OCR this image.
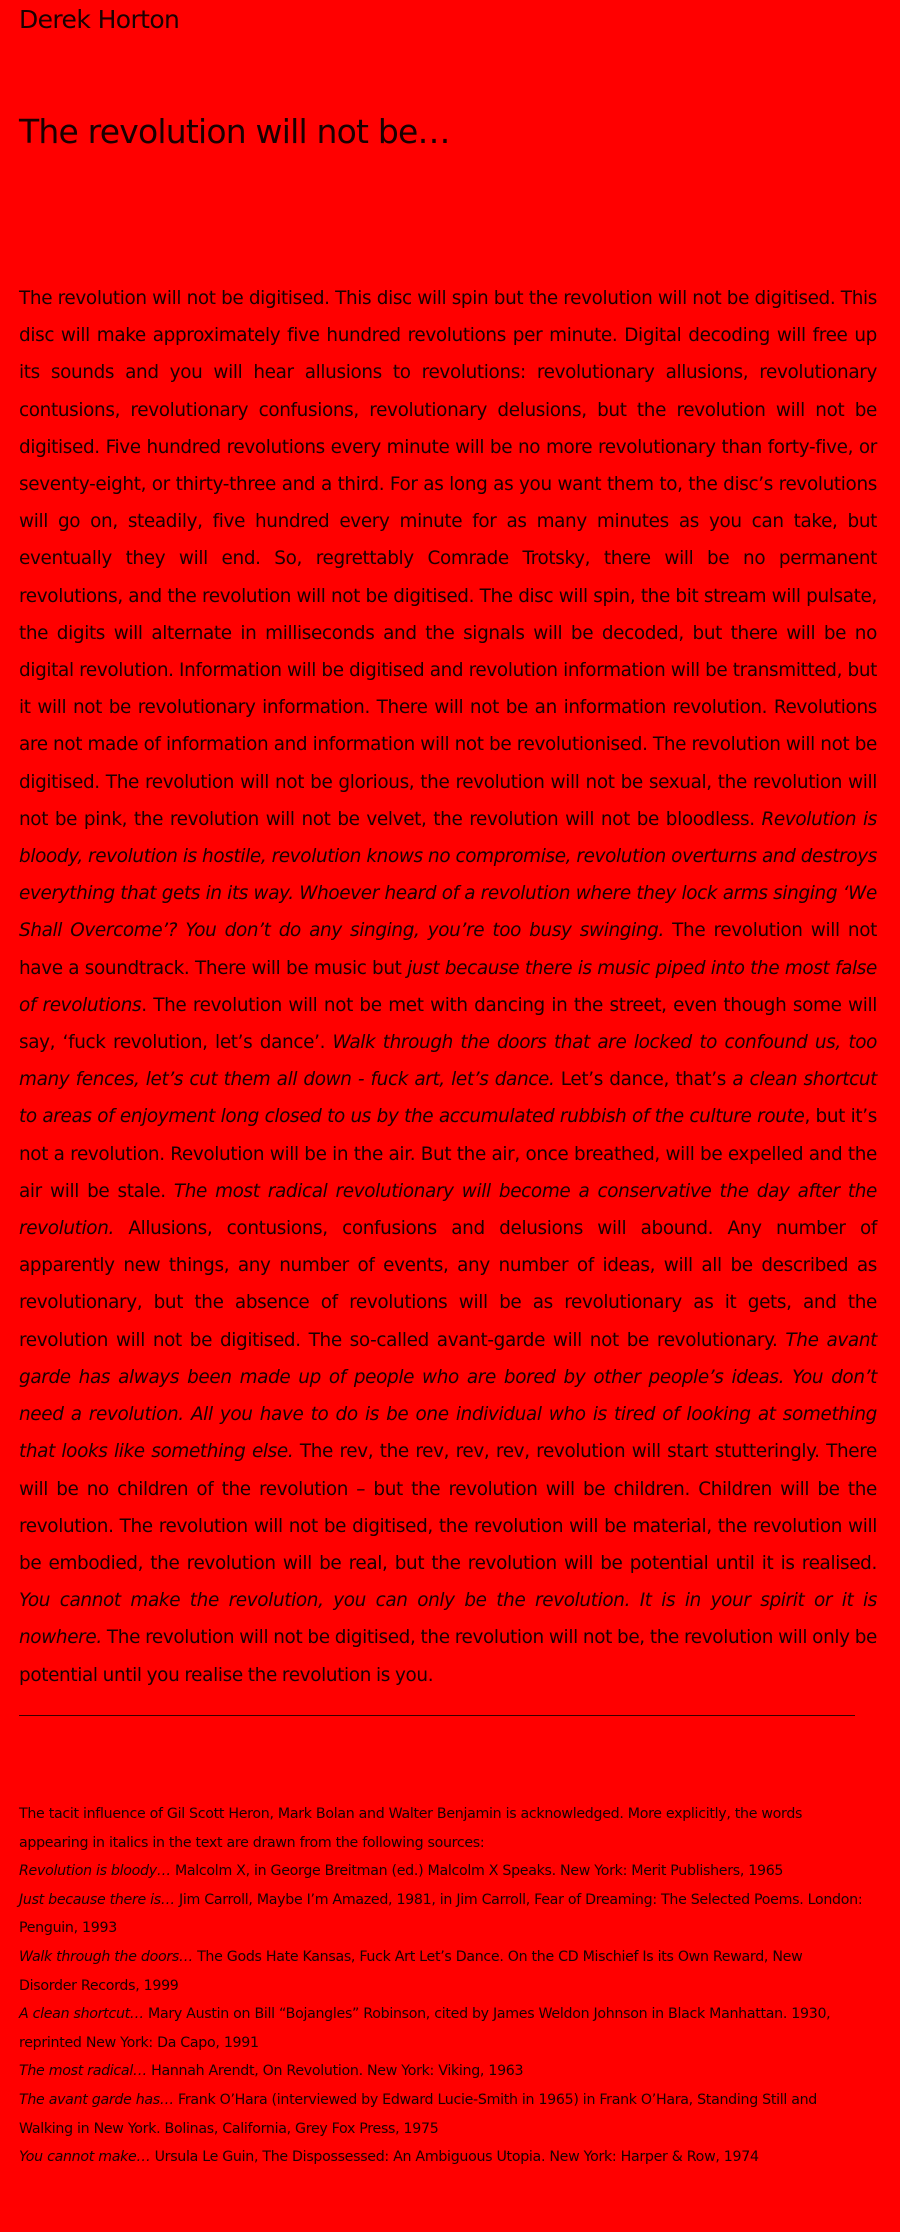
Derek Horton
The revolution will not be…

The revolution will not be digitised. This disc will spin but the revolution will not be digitised. This disc will make approximately five hundred revolutions per minute. Digital decoding will free up its sounds and you will hear allusions to revolutions: revolutionary allusions, revolutionary contusions, revolutionary confusions, revolutionary delusions, but the revolution will not be digitised. Five hundred revolutions every minute will be no more revolutionary than forty-five, or seventy-eight, or thirty-three and a third. For as long as you want them to, the disc’s revolutions will go on, steadily, five hundred every minute for as many minutes as you can take, but eventually they will end. So, regrettably Comrade Trotsky, there will be no permanent revolutions, and the revolution will not be digitised. The disc will spin, the bit stream will pulsate, the digits will alternate in milliseconds and the signals will be decoded, but there will be no digital revolution. Information will be digitised and revolution information will be transmitted, but it will not be revolutionary information. There will not be an information revolution. Revolutions are not made of information and information will not be revolutionised. The revolution will not be digitised. The revolution will not be glorious, the revolution will not be sexual, the revolution will not be pink, the revolution will not be velvet, the revolution will not be bloodless. Revolution is bloody, revolution is hostile, revolution knows no compromise, revolution overturns and destroys everything that gets in its way. Whoever heard of a revolution where they lock arms singing ‘We Shall Overcome’? You don’t do any singing, you’re too busy swinging. The revolution will not have a soundtrack. There will be music but just because there is music piped into the most false of revolutions. The revolution will not be met with dancing in the street, even though some will say, ‘fuck revolution, let’s dance’. Walk through the doors that are locked to confound us, too many fences, let’s cut them all down - fuck art, let’s dance. Let’s dance, that’s a clean shortcut to areas of enjoyment long closed to us by the accumulated rubbish of the culture route, but it’s not a revolution. Revolution will be in the air. But the air, once breathed, will be expelled and the air will be stale. The most radical revolutionary will become a conservative the day after the revolution. Allusions, contusions, confusions and delusions will abound. Any number of apparently new things, any number of events, any number of ideas, will all be described as revolutionary, but the absence of revolutions will be as revolutionary as it gets, and the revolution will not be digitised. The so-called avant-garde will not be revolutionary. The avant garde has always been made up of people who are bored by other people’s ideas. You don’t need a revolution. All you have to do is be one individual who is tired of looking at something that looks like something else. The rev, the rev, rev, rev, revolution will start stutteringly. There will be no children of the revolution – but the revolution will be children. Children will be the revolution. The revolution will not be digitised, the revolution will be material, the revolution will be embodied, the revolution will be real, but the revolution will be potential until it is realised. You cannot make the revolution, you can only be the revolution. It is in your spirit or it is nowhere. The revolution will not be digitised, the revolution will not be, the revolution will only be potential until you realise the revolution is you.

The tacit influence of Gil Scott Heron, Mark Bolan and Walter Benjamin is acknowledged. More explicitly, the words appearing in italics in the text are drawn from the following sources:

Revolution is bloody… Malcolm X, in George Breitman (ed.) Malcolm X Speaks. New York: Merit Publishers, 1965

Just because there is… Jim Carroll, Maybe I’m Amazed, 1981, in Jim Carroll, Fear of Dreaming: The Selected Poems. London: Penguin, 1993

Walk through the doors… The Gods Hate Kansas, Fuck Art Let’s Dance. On the CD Mischief Is its Own Reward, New Disorder Records, 1999

A clean shortcut… Mary Austin on Bill “Bojangles” Robinson, cited by James Weldon Johnson in Black Manhattan. 1930, reprinted New York: Da Capo, 1991

The most radical… Hannah Arendt, On Revolution. New York: Viking, 1963

The avant garde has… Frank O’Hara (interviewed by Edward Lucie-Smith in 1965) in Frank O’Hara, Standing Still and Walking in New York. Bolinas, California, Grey Fox Press, 1975

You cannot make… Ursula Le Guin, The Dispossessed: An Ambiguous Utopia. New York: Harper & Row, 1974
